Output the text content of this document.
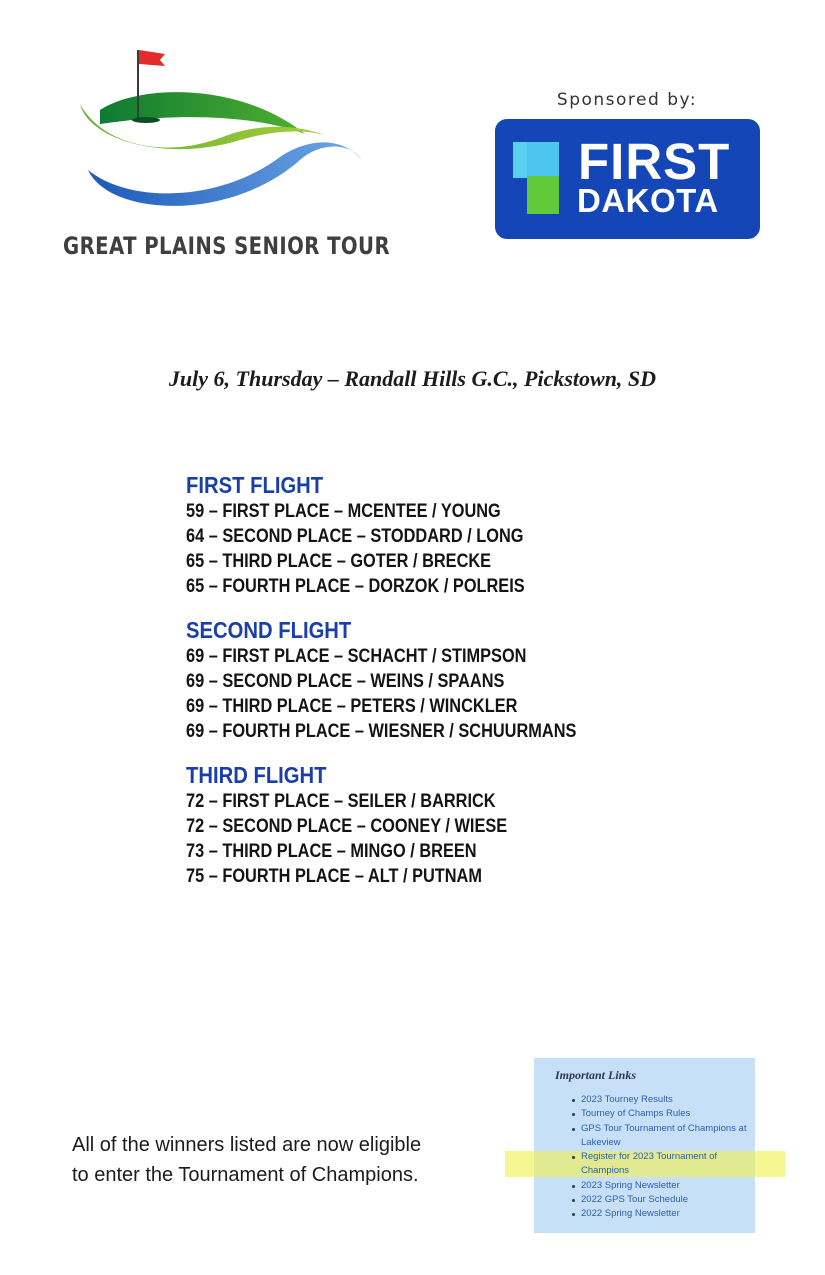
GREAT PLAINS SENIOR TOUR
Sponsored by:
FIRST
DAKOTA
July 6, Thursday – Randall Hills G.C., Pickstown, SD
FIRST FLIGHT
59 – FIRST PLACE – MCENTEE / YOUNG
64 – SECOND PLACE – STODDARD / LONG
65 – THIRD PLACE – GOTER / BRECKE
65 – FOURTH PLACE – DORZOK / POLREIS
SECOND FLIGHT
69 – FIRST PLACE – SCHACHT / STIMPSON
69 – SECOND PLACE – WEINS / SPAANS
69 – THIRD PLACE – PETERS / WINCKLER
69 – FOURTH PLACE – WIESNER / SCHUURMANS
THIRD FLIGHT
72 – FIRST PLACE – SEILER / BARRICK
72 – SECOND PLACE – COONEY / WIESE
73 – THIRD PLACE – MINGO / BREEN
75 – FOURTH PLACE – ALT / PUTNAM
All of the winners listed are now eligible
to enter the Tournament of Champions.
Important Links
2023 Tourney Results
Tourney of Champs Rules
GPS Tour Tournament of Champions at Lakeview
Register for 2023 Tournament of Champions
2023 Spring Newsletter
2022 GPS Tour Schedule
2022 Spring Newsletter
